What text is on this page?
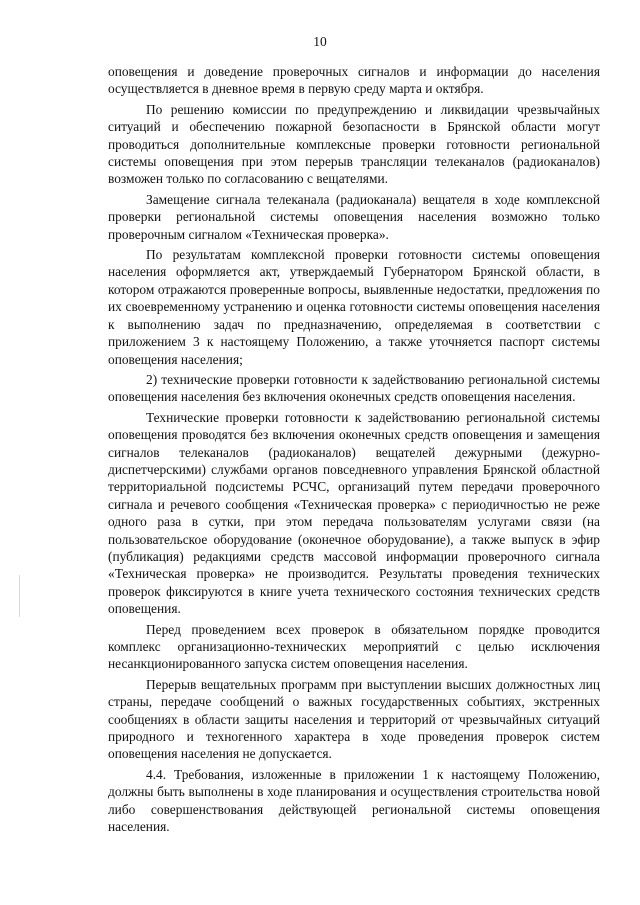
10

оповещения и доведение проверочных сигналов и информации до населения осуществляется в дневное время в первую среду марта и октября.

По решению комиссии по предупреждению и ликвидации чрезвычайных ситуаций и обеспечению пожарной безопасности в Брянской области могут проводиться дополнительные комплексные проверки готовности региональной системы оповещения при этом перерыв трансляции телеканалов (радиоканалов) возможен только по согласованию с вещателями.

Замещение сигнала телеканала (радиоканала) вещателя в ходе комплексной проверки региональной системы оповещения населения возможно только проверочным сигналом «Техническая проверка».

По результатам комплексной проверки готовности системы оповещения населения оформляется акт, утверждаемый Губернатором Брянской области, в котором отражаются проверенные вопросы, выявленные недостатки, предложения по их своевременному устранению и оценка готовности системы оповещения населения к выполнению задач по предназначению, определяемая в соответствии с приложением 3 к настоящему Положению, а также уточняется паспорт системы оповещения населения;

2) технические проверки готовности к задействованию региональной системы оповещения населения без включения оконечных средств оповещения населения.

Технические проверки готовности к задействованию региональной системы оповещения проводятся без включения оконечных средств оповещения и замещения сигналов телеканалов (радиоканалов) вещателей дежурными (дежурно-диспетчерскими) службами органов повседневного управления Брянской областной территориальной подсистемы РСЧС, организаций путем передачи проверочного сигнала и речевого сообщения «Техническая проверка» с периодичностью не реже одного раза в сутки, при этом передача пользователям услугами связи (на пользовательское оборудование (оконечное оборудование), а также выпуск в эфир (публикация) редакциями средств массовой информации проверочного сигнала «Техническая проверка» не производится. Результаты проведения технических проверок фиксируются в книге учета технического состояния технических средств оповещения.

Перед проведением всех проверок в обязательном порядке проводится комплекс организационно-технических мероприятий с целью исключения несанкционированного запуска систем оповещения населения.

Перерыв вещательных программ при выступлении высших должностных лиц страны, передаче сообщений о важных государственных событиях, экстренных сообщениях в области защиты населения и территорий от чрезвычайных ситуаций природного и техногенного характера в ходе проведения проверок систем оповещения населения не допускается.

4.4. Требования, изложенные в приложении 1 к настоящему Положению, должны быть выполнены в ходе планирования и осуществления строительства новой либо совершенствования действующей региональной системы оповещения населения.
